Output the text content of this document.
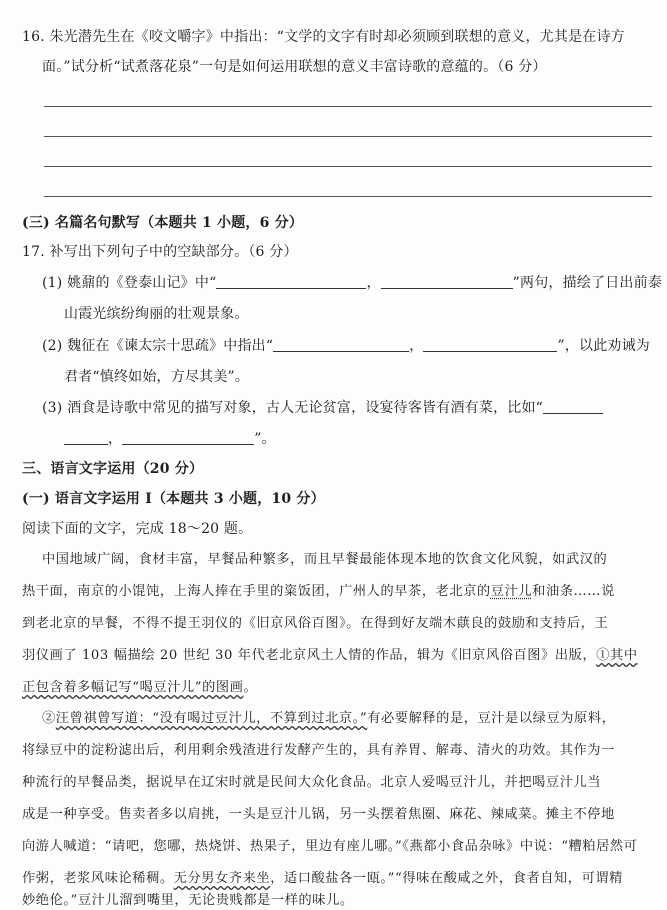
16. 朱光潜先生在《咬文嚼字》中指出：“文学的文字有时却必须顾到联想的意义，尤其是在诗方
面。”试分析“试煮落花泉”一句是如何运用联想的意义丰富诗歌的意蕴的。（6 分）
(三) 名篇名句默写（本题共 1 小题，6 分）
17. 补写出下列句子中的空缺部分。（6 分）
(1) 姚鼐的《登泰山记》中“	，	”两句，描绘了日出前泰
山霞光缤纷绚丽的壮观景象。
(2) 魏征在《谏太宗十思疏》中指出“	，	”，以此劝诫为
君者“慎终如始，方尽其美”。
(3) 酒食是诗歌中常见的描写对象，古人无论贫富，设宴待客皆有酒有菜，比如“
，	”。
三、语言文字运用（20 分）
(一) 语言文字运用 Ⅰ（本题共 3 小题，10 分）
阅读下面的文字，完成 18～20 题。
中国地域广阔，食材丰富，早餐品种繁多，而且早餐最能体现本地的饮食文化风貌，如武汉的
热干面，南京的小馄饨，上海人捧在手里的粢饭团，广州人的早茶，老北京的豆汁儿和油条……说
到老北京的早餐，不得不提王羽仪的《旧京风俗百图》。在得到好友端木蕻良的鼓励和支持后，王
羽仪画了 103 幅描绘 20 世纪 30 年代老北京风土人情的作品，辑为《旧京风俗百图》出版，①其中
正包含着多幅记写“喝豆汁儿”的图画。
②汪曾祺曾写道：“没有喝过豆汁儿，不算到过北京。”有必要解释的是，豆汁是以绿豆为原料，
将绿豆中的淀粉滤出后，利用剩余残渣进行发酵产生的，具有养胃、解毒、清火的功效。其作为一
种流行的早餐品类，据说早在辽宋时就是民间大众化食品。北京人爱喝豆汁儿，并把喝豆汁儿当
成是一种享受。售卖者多以肩挑，一头是豆汁儿锅，另一头摆着焦圈、麻花、辣咸菜。摊主不停地
向游人喊道：“请吧，您哪，热烧饼、热果子，里边有座儿哪。”《燕都小食品杂咏》中说：“糟粕居然可
作粥，老浆风味论稀稠。无分男女齐来坐，适口酸盐各一瓯。”“得味在酸咸之外，食者自知，可谓精
妙绝伦。”豆汁儿溜到嘴里，无论贵贱都是一样的味儿。
